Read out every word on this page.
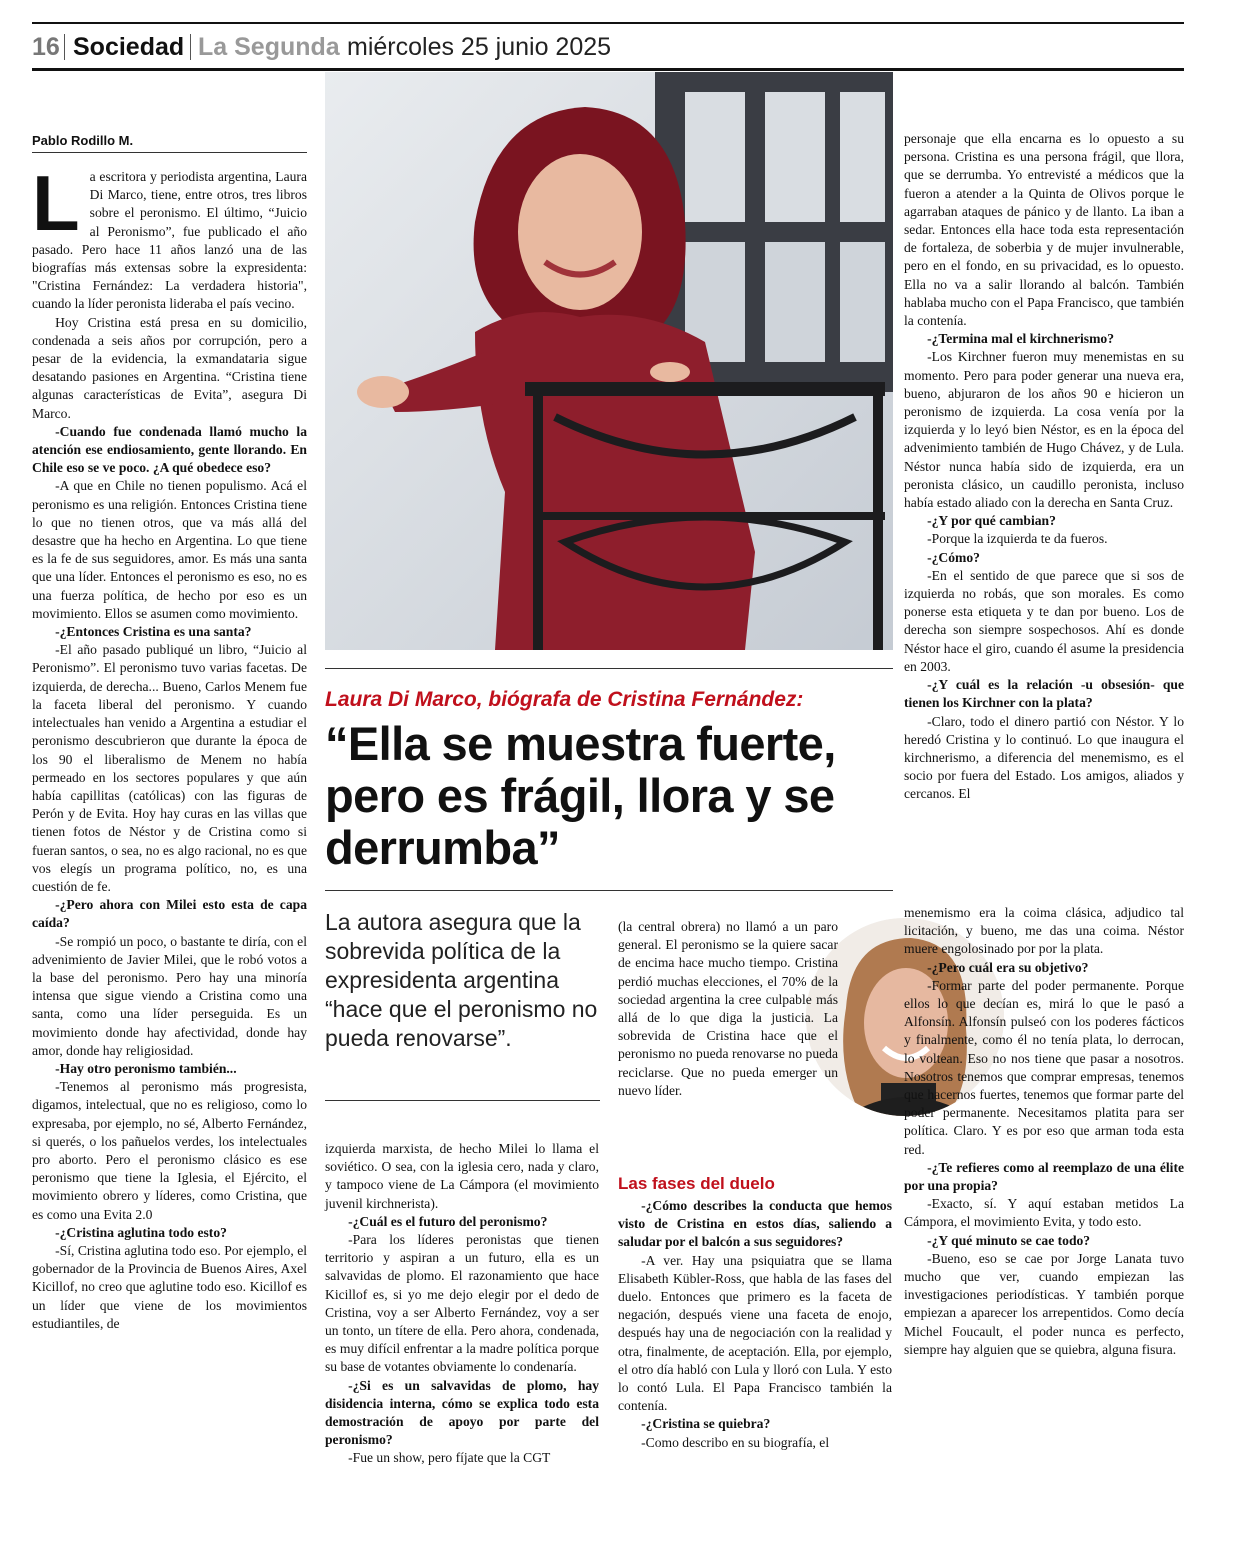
16 Sociedad La Segunda miércoles 25 junio 2025
Laura Di Marco, biógrafa de Cristina Fernández:
“Ella se muestra fuerte, pero es frágil, llora y se derrumba”

La autora asegura que la sobrevida política de la expresidenta argentina “hace que el peronismo no pueda renovarse”.

Pablo Rodillo M.

La escritora y periodista argentina, Laura Di Marco, tiene, entre otros, tres libros sobre el peronismo. El último, “Juicio al Peronismo”, fue publicado el año pasado. Pero hace 11 años lanzó una de las biografías más extensas sobre la expresidenta: "Cristina Fernández: La verdadera historia", cuando la líder peronista lideraba el país vecino.

Hoy Cristina está presa en su domicilio, condenada a seis años por corrupción, pero a pesar de la evidencia, la exmandataria sigue desatando pasiones en Argentina. “Cristina tiene algunas características de Evita”, asegura Di Marco.

-Cuando fue condenada llamó mucho la atención ese endiosamiento, gente llorando. En Chile eso se ve poco. ¿A qué obedece eso?

-A que en Chile no tienen populismo. Acá el peronismo es una religión. Entonces Cristina tiene lo que no tienen otros, que va más allá del desastre que ha hecho en Argentina. Lo que tiene es la fe de sus seguidores, amor. Es más una santa que una líder. Entonces el peronismo es eso, no es una fuerza política, de hecho por eso es un movimiento. Ellos se asumen como movimiento.

-¿Entonces Cristina es una santa?

-El año pasado publiqué un libro, “Juicio al Peronismo”. El peronismo tuvo varias facetas. De izquierda, de derecha... Bueno, Carlos Menem fue la faceta liberal del peronismo. Y cuando intelectuales han venido a Argentina a estudiar el peronismo descubrieron que durante la época de los 90 el liberalismo de Menem no había permeado en los sectores populares y que aún había capillitas (católicas) con las figuras de Perón y de Evita. Hoy hay curas en las villas que tienen fotos de Néstor y de Cristina como si fueran santos, o sea, no es algo racional, no es que vos elegís un programa político, no, es una cuestión de fe.

-¿Pero ahora con Milei esto esta de capa caída?

-Se rompió un poco, o bastante te diría, con el advenimiento de Javier Milei, que le robó votos a la base del peronismo. Pero hay una minoría intensa que sigue viendo a Cristina como una santa, como una líder perseguida. Es un movimiento donde hay afectividad, donde hay amor, donde hay religiosidad.

-Hay otro peronismo también...

-Tenemos al peronismo más progresista, digamos, intelectual, que no es religioso, como lo expresaba, por ejemplo, no sé, Alberto Fernández, si querés, o los pañuelos verdes, los intelectuales pro aborto. Pero el peronismo clásico es ese peronismo que tiene la Iglesia, el Ejército, el movimiento obrero y líderes, como Cristina, que es como una Evita 2.0

-¿Cristina aglutina todo esto?

-Sí, Cristina aglutina todo eso. Por ejemplo, el gobernador de la Provincia de Buenos Aires, Axel Kicillof, no creo que aglutine todo eso. Kicillof es un líder que viene de los movimientos estudiantiles, de

izquierda marxista, de hecho Milei lo llama el soviético. O sea, con la iglesia cero, nada y claro, y tampoco viene de La Cámpora (el movimiento juvenil kirchnerista).

-¿Cuál es el futuro del peronismo?

-Para los líderes peronistas que tienen territorio y aspiran a un futuro, ella es un salvavidas de plomo. El razonamiento que hace Kicillof es, si yo me dejo elegir por el dedo de Cristina, voy a ser Alberto Fernández, voy a ser un tonto, un títere de ella. Pero ahora, condenada, es muy difícil enfrentar a la madre política porque su base de votantes obviamente lo condenaría.

-¿Si es un salvavidas de plomo, hay disidencia interna, cómo se explica todo esta demostración de apoyo por parte del peronismo?

-Fue un show, pero fíjate que la CGT

(la central obrera) no llamó a un paro general. El peronismo se la quiere sacar de encima hace mucho tiempo. Cristina perdió muchas elecciones, el 70% de la sociedad argentina la cree culpable más allá de lo que diga la justicia. La sobrevida de Cristina hace que el peronismo no pueda renovarse no pueda reciclarse. Que no pueda emerger un nuevo líder.

Las fases del duelo

-¿Cómo describes la conducta que hemos visto de Cristina en estos días, saliendo a saludar por el balcón a sus seguidores?

-A ver. Hay una psiquiatra que se llama Elisabeth Kübler-Ross, que habla de las fases del duelo. Entonces que primero es la faceta de negación, después viene una faceta de enojo, después hay una de negociación con la realidad y otra, finalmente, de aceptación. Ella, por ejemplo, el otro día habló con Lula y lloró con Lula. Y esto lo contó Lula. El Papa Francisco también la contenía.

-¿Cristina se quiebra?

-Como describo en su biografía, el

personaje que ella encarna es lo opuesto a su persona. Cristina es una persona frágil, que llora, que se derrumba. Yo entrevisté a médicos que la fueron a atender a la Quinta de Olivos porque le agarraban ataques de pánico y de llanto. La iban a sedar. Entonces ella hace toda esta representación de fortaleza, de soberbia y de mujer invulnerable, pero en el fondo, en su privacidad, es lo opuesto. Ella no va a salir llorando al balcón. También hablaba mucho con el Papa Francisco, que también la contenía.

-¿Termina mal el kirchnerismo?

-Los Kirchner fueron muy menemistas en su momento. Pero para poder generar una nueva era, bueno, abjuraron de los años 90 e hicieron un peronismo de izquierda. La cosa venía por la izquierda y lo leyó bien Néstor, es en la época del advenimiento también de Hugo Chávez, y de Lula. Néstor nunca había sido de izquierda, era un peronista clásico, un caudillo peronista, incluso había estado aliado con la derecha en Santa Cruz.

-¿Y por qué cambian?

-Porque la izquierda te da fueros.

-¿Cómo?

-En el sentido de que parece que si sos de izquierda no robás, que son morales. Es como ponerse esta etiqueta y te dan por bueno. Los de derecha son siempre sospechosos. Ahí es donde Néstor hace el giro, cuando él asume la presidencia en 2003.

-¿Y cuál es la relación -u obsesión- que tienen los Kirchner con la plata?

-Claro, todo el dinero partió con Néstor. Y lo heredó Cristina y lo continuó. Lo que inaugura el kirchnerismo, a diferencia del menemismo, es el socio por fuera del Estado. Los amigos, aliados y cercanos. El

menemismo era la coima clásica, adjudico tal licitación, y bueno, me das una coima. Néstor muere engolosinado por por la plata.

-¿Pero cuál era su objetivo?

-Formar parte del poder permanente. Porque ellos lo que decían es, mirá lo que le pasó a Alfonsín. Alfonsín pulseó con los poderes fácticos y finalmente, como él no tenía plata, lo derrocan, lo voltean. Eso no nos tiene que pasar a nosotros. Nosotros tenemos que comprar empresas, tenemos que hacernos fuertes, tenemos que formar parte del poder permanente. Necesitamos platita para ser política. Claro. Y es por eso que arman toda esta red.

-¿Te refieres como al reemplazo de una élite por una propia?

-Exacto, sí. Y aquí estaban metidos La Cámpora, el movimiento Evita, y todo esto.

-¿Y qué minuto se cae todo?

-Bueno, eso se cae por Jorge Lanata tuvo mucho que ver, cuando empiezan las investigaciones periodísticas. Y también porque empiezan a aparecer los arrepentidos. Como decía Michel Foucault, el poder nunca es perfecto, siempre hay alguien que se quiebra, alguna fisura.
